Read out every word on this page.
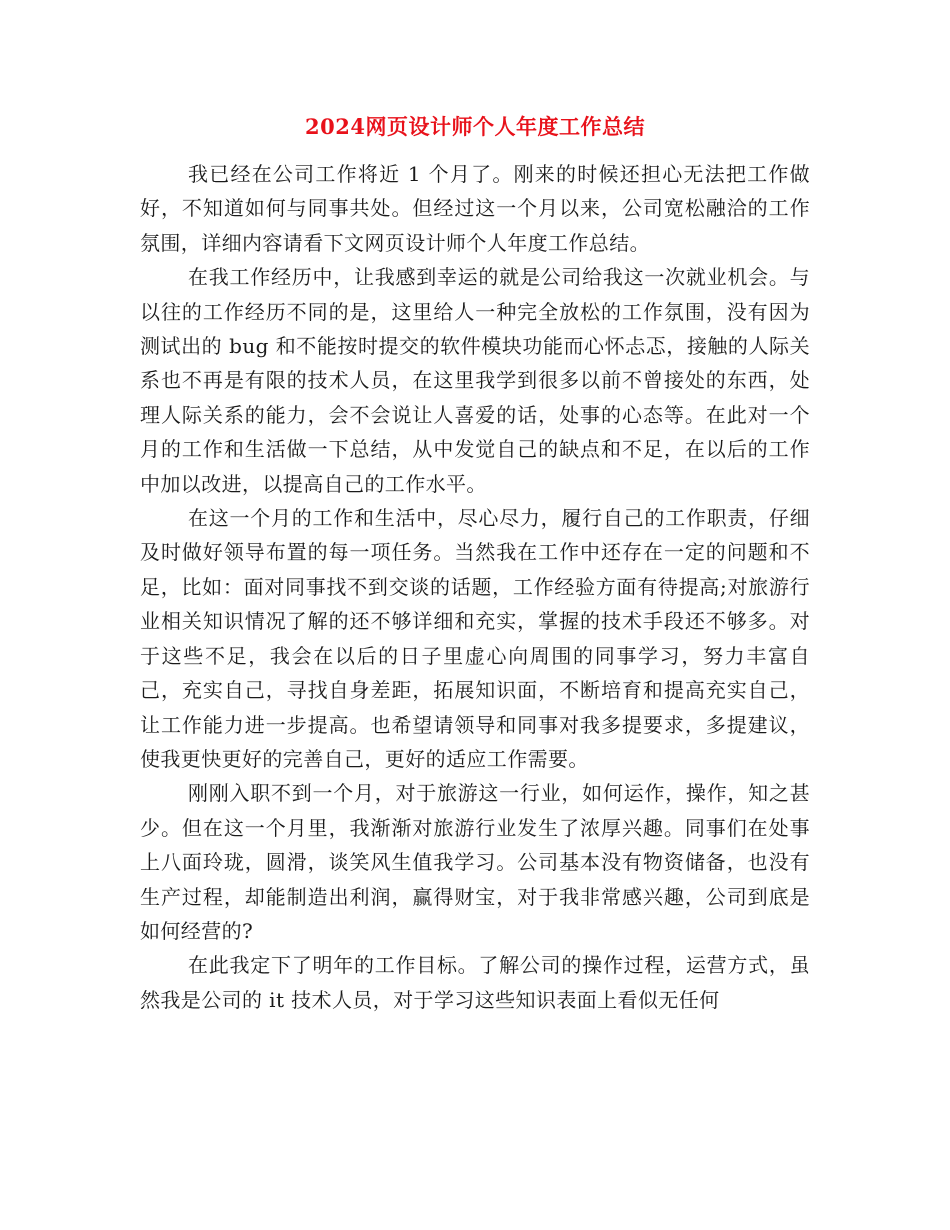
2024网页设计师个人年度工作总结

我已经在公司工作将近 1 个月了。刚来的时候还担心无法把工作做好，不知道如何与同事共处。但经过这一个月以来，公司宽松融洽的工作氛围，详细内容请看下文网页设计师个人年度工作总结。

在我工作经历中，让我感到幸运的就是公司给我这一次就业机会。与以往的工作经历不同的是，这里给人一种完全放松的工作氛围，没有因为测试出的 bug 和不能按时提交的软件模块功能而心怀忐忑，接触的人际关系也不再是有限的技术人员，在这里我学到很多以前不曾接处的东西，处理人际关系的能力，会不会说让人喜爱的话，处事的心态等。在此对一个月的工作和生活做一下总结，从中发觉自己的缺点和不足，在以后的工作中加以改进，以提高自己的工作水平。

在这一个月的工作和生活中，尽心尽力，履行自己的工作职责，仔细及时做好领导布置的每一项任务。当然我在工作中还存在一定的问题和不足，比如：面对同事找不到交谈的话题，工作经验方面有待提高;对旅游行业相关知识情况了解的还不够详细和充实，掌握的技术手段还不够多。对于这些不足，我会在以后的日子里虚心向周围的同事学习，努力丰富自己，充实自己，寻找自身差距，拓展知识面，不断培育和提高充实自己，让工作能力进一步提高。也希望请领导和同事对我多提要求，多提建议，使我更快更好的完善自己，更好的适应工作需要。

刚刚入职不到一个月，对于旅游这一行业，如何运作，操作，知之甚少。但在这一个月里，我渐渐对旅游行业发生了浓厚兴趣。同事们在处事上八面玲珑，圆滑，谈笑风生值我学习。公司基本没有物资储备，也没有生产过程，却能制造出利润，赢得财宝，对于我非常感兴趣，公司到底是如何经营的?

在此我定下了明年的工作目标。了解公司的操作过程，运营方式，虽然我是公司的 it 技术人员，对于学习这些知识表面上看似无任何
